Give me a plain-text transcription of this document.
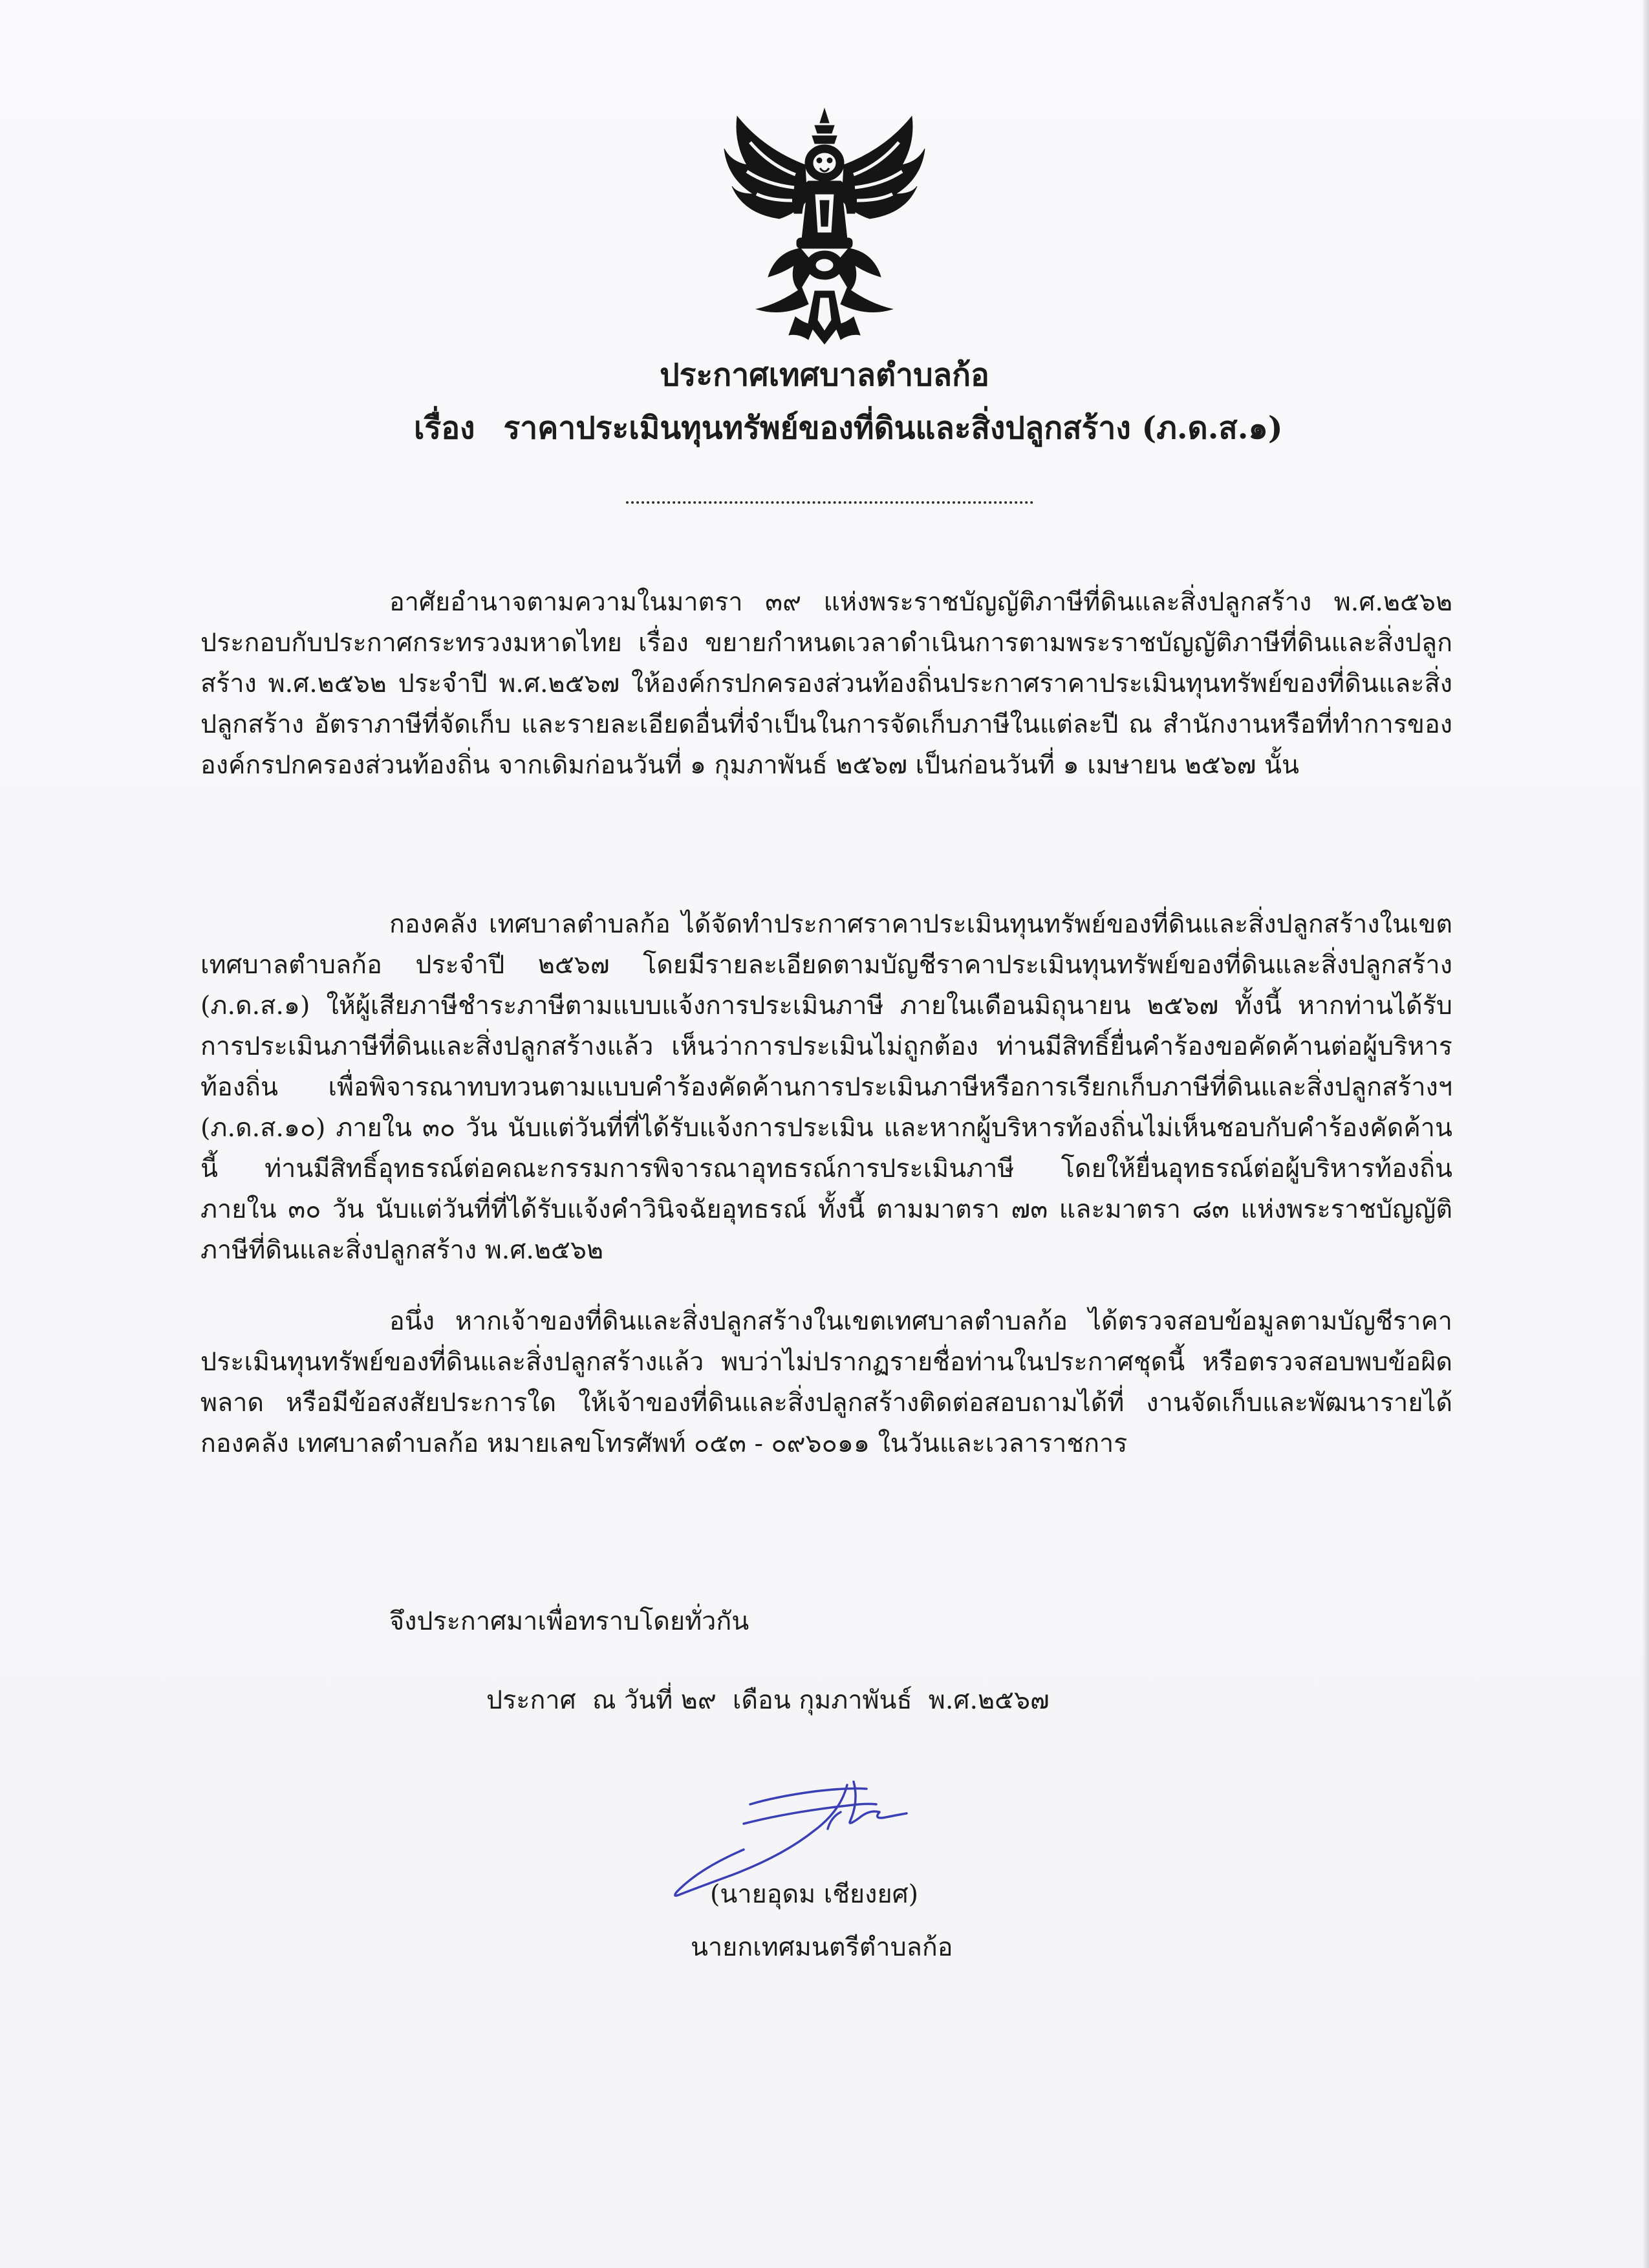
ประกาศเทศบาลตำบลก้อ
เรื่อง ราคาประเมินทุนทรัพย์ของที่ดินและสิ่งปลูกสร้าง (ภ.ด.ส.๑)
อาศัยอำนาจตามความในมาตรา ๓๙ แห่งพระราชบัญญัติภาษีที่ดินและสิ่งปลูกสร้าง พ.ศ.๒๕๖๒ ประกอบกับประกาศกระทรวงมหาดไทย เรื่อง ขยายกำหนดเวลาดำเนินการตามพระราชบัญญัติภาษีที่ดินและสิ่งปลูกสร้าง พ.ศ.๒๕๖๒ ประจำปี พ.ศ.๒๕๖๗ ให้องค์กรปกครองส่วนท้องถิ่นประกาศราคาประเมินทุนทรัพย์ของที่ดินและสิ่งปลูกสร้าง อัตราภาษีที่จัดเก็บ และรายละเอียดอื่นที่จำเป็นในการจัดเก็บภาษีในแต่ละปี ณ สำนักงานหรือที่ทำการขององค์กรปกครองส่วนท้องถิ่น จากเดิมก่อนวันที่ ๑ กุมภาพันธ์ ๒๕๖๗ เป็นก่อนวันที่ ๑ เมษายน ๒๕๖๗ นั้น
กองคลัง เทศบาลตำบลก้อ ได้จัดทำประกาศราคาประเมินทุนทรัพย์ของที่ดินและสิ่งปลูกสร้างในเขตเทศบาลตำบลก้อ ประจำปี ๒๕๖๗ โดยมีรายละเอียดตามบัญชีราคาประเมินทุนทรัพย์ของที่ดินและสิ่งปลูกสร้าง (ภ.ด.ส.๑) ให้ผู้เสียภาษีชำระภาษีตามแบบแจ้งการประเมินภาษี ภายในเดือนมิถุนายน ๒๕๖๗ ทั้งนี้ หากท่านได้รับการประเมินภาษีที่ดินและสิ่งปลูกสร้างแล้ว เห็นว่าการประเมินไม่ถูกต้อง ท่านมีสิทธิ์ยื่นคำร้องขอคัดค้านต่อผู้บริหารท้องถิ่น เพื่อพิจารณาทบทวนตามแบบคำร้องคัดค้านการประเมินภาษีหรือการเรียกเก็บภาษีที่ดินและสิ่งปลูกสร้างฯ (ภ.ด.ส.๑๐) ภายใน ๓๐ วัน นับแต่วันที่ที่ได้รับแจ้งการประเมิน และหากผู้บริหารท้องถิ่นไม่เห็นชอบกับคำร้องคัดค้านนี้ ท่านมีสิทธิ์อุทธรณ์ต่อคณะกรรมการพิจารณาอุทธรณ์การประเมินภาษี โดยให้ยื่นอุทธรณ์ต่อผู้บริหารท้องถิ่น ภายใน ๓๐ วัน นับแต่วันที่ที่ได้รับแจ้งคำวินิจฉัยอุทธรณ์ ทั้งนี้ ตามมาตรา ๗๓ และมาตรา ๘๓ แห่งพระราชบัญญัติภาษีที่ดินและสิ่งปลูกสร้าง พ.ศ.๒๕๖๒
อนึ่ง หากเจ้าของที่ดินและสิ่งปลูกสร้างในเขตเทศบาลตำบลก้อ ได้ตรวจสอบข้อมูลตามบัญชีราคาประเมินทุนทรัพย์ของที่ดินและสิ่งปลูกสร้างแล้ว พบว่าไม่ปรากฏรายชื่อท่านในประกาศชุดนี้ หรือตรวจสอบพบข้อผิดพลาด หรือมีข้อสงสัยประการใด ให้เจ้าของที่ดินและสิ่งปลูกสร้างติดต่อสอบถามได้ที่ งานจัดเก็บและพัฒนารายได้ กองคลัง เทศบาลตำบลก้อ หมายเลขโทรศัพท์ ๐๕๓ - ๐๙๖๐๑๑ ในวันและเวลาราชการ
จึงประกาศมาเพื่อทราบโดยทั่วกัน
ประกาศ ณ วันที่ ๒๙ เดือน กุมภาพันธ์ พ.ศ.๒๕๖๗
(นายอุดม เชียงยศ)
นายกเทศมนตรีตำบลก้อ
